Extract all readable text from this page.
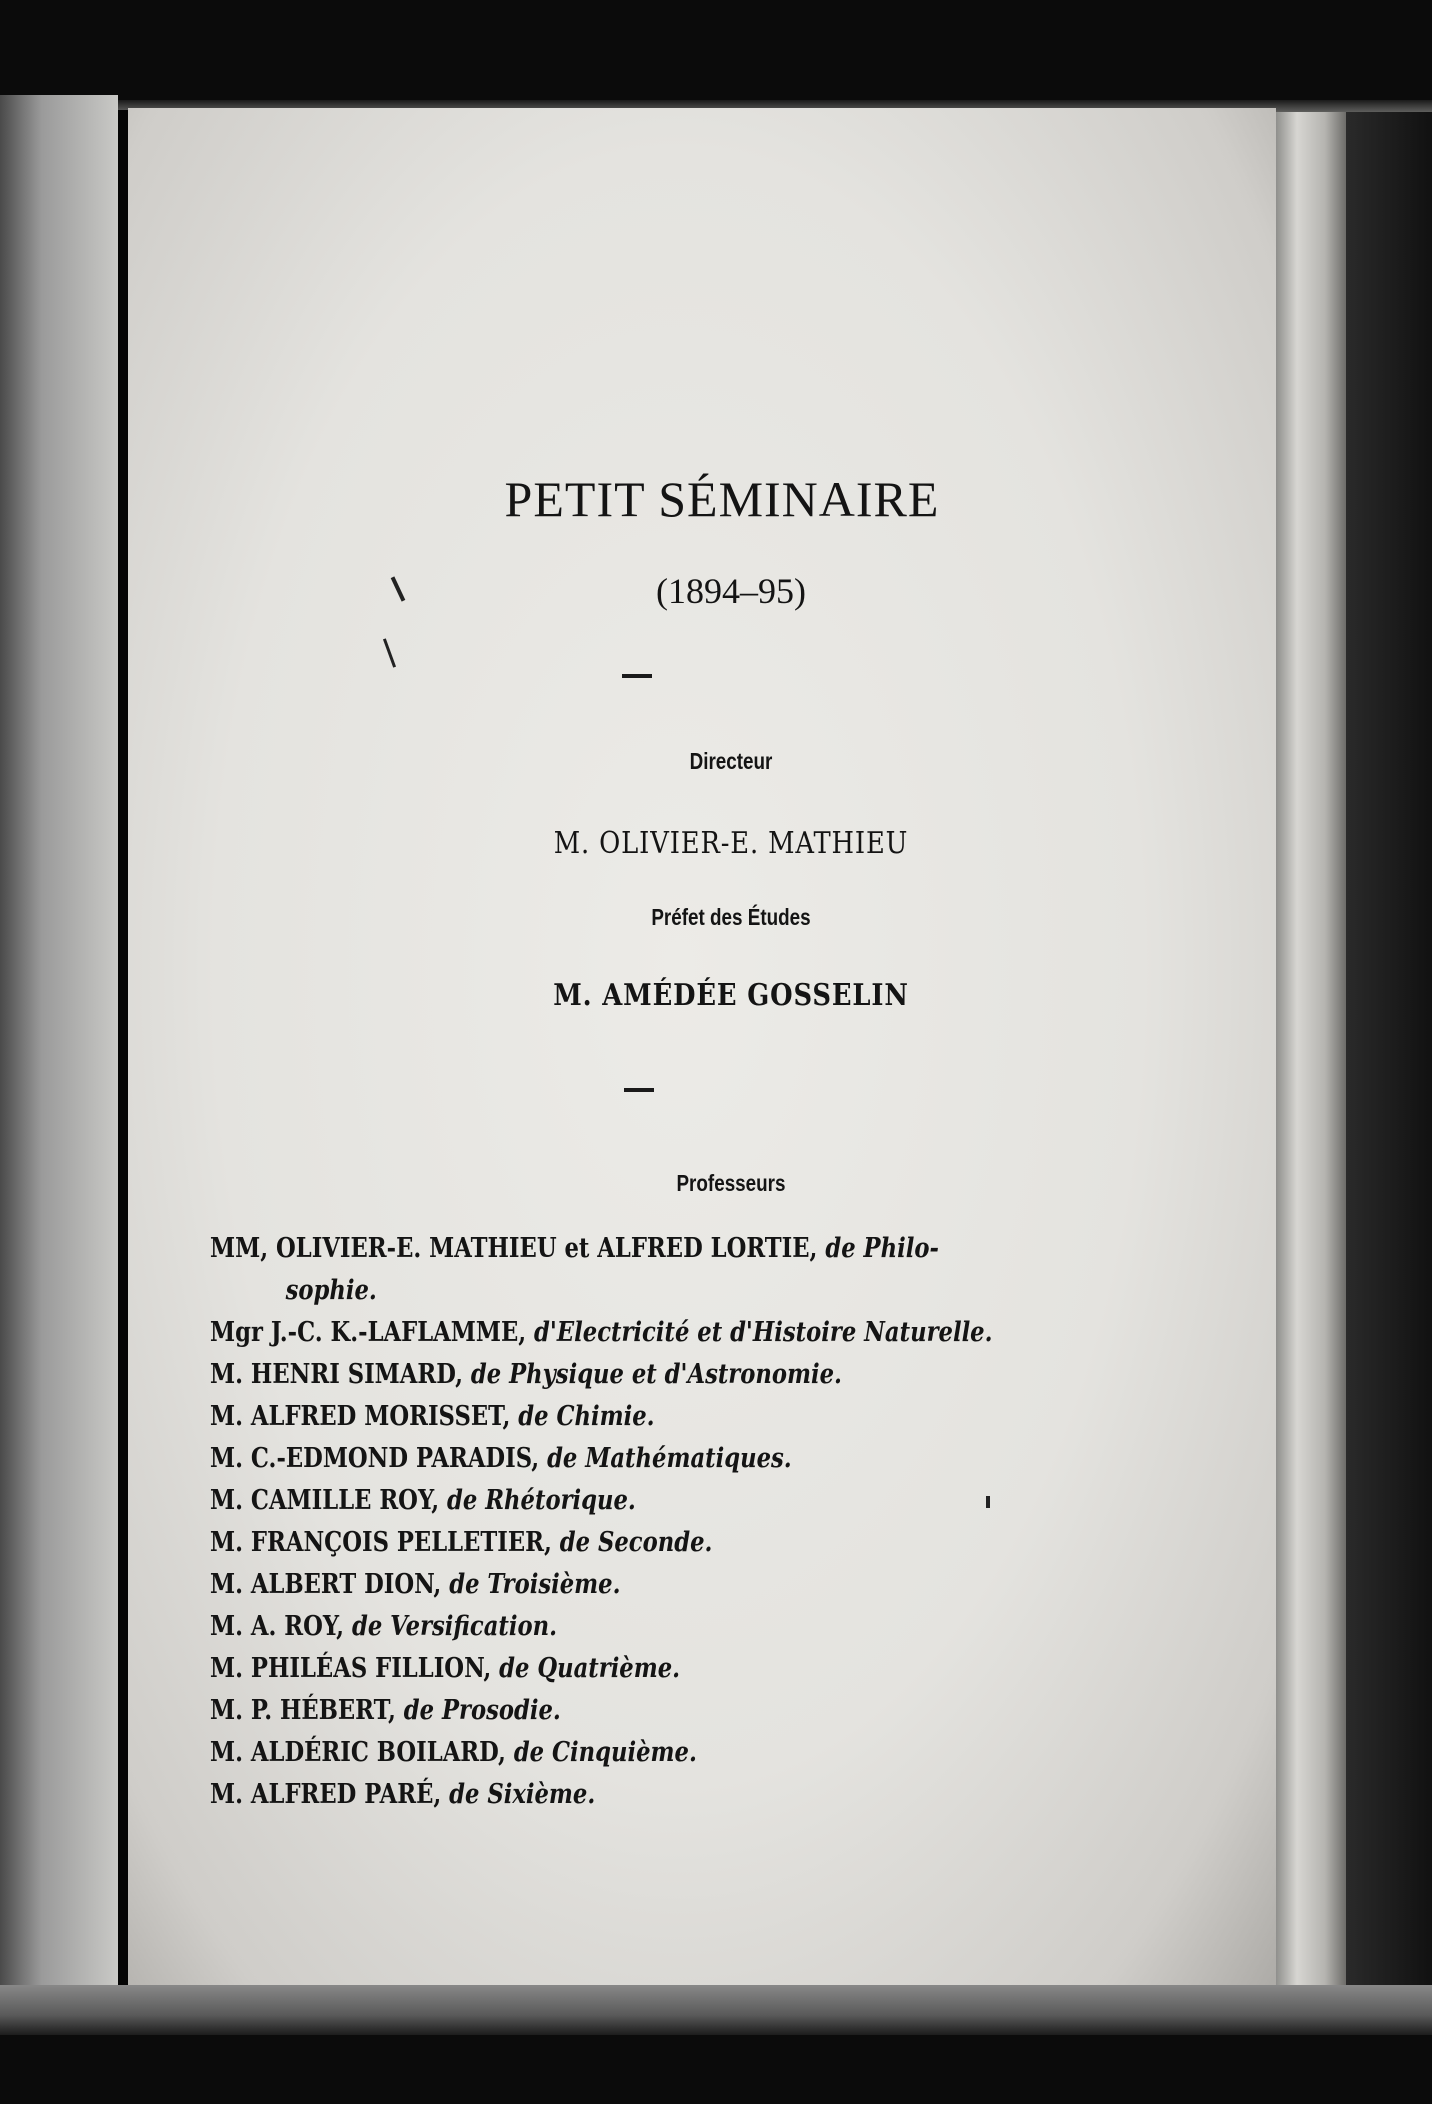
PETIT SÉMINAIRE
(1894–95)
Directeur
M. OLIVIER-E. MATHIEU
Préfet des Études
M. AMÉDÉE GOSSELIN
Professeurs
MM, OLIVIER-E. MATHIEU et ALFRED LORTIE, de Philo-
sophie.
Mgr J.-C. K.-LAFLAMME, d'Electricité et d'Histoire Naturelle.
M. HENRI SIMARD, de Physique et d'Astronomie.
M. ALFRED MORISSET, de Chimie.
M. C.-EDMOND PARADIS, de Mathématiques.
M. CAMILLE ROY, de Rhétorique.
M. FRANÇOIS PELLETIER, de Seconde.
M. ALBERT DION, de Troisième.
M. A. ROY, de Versification.
M. PHILÉAS FILLION, de Quatrième.
M. P. HÉBERT, de Prosodie.
M. ALDÉRIC BOILARD, de Cinquième.
M. ALFRED PARÉ, de Sixième.
